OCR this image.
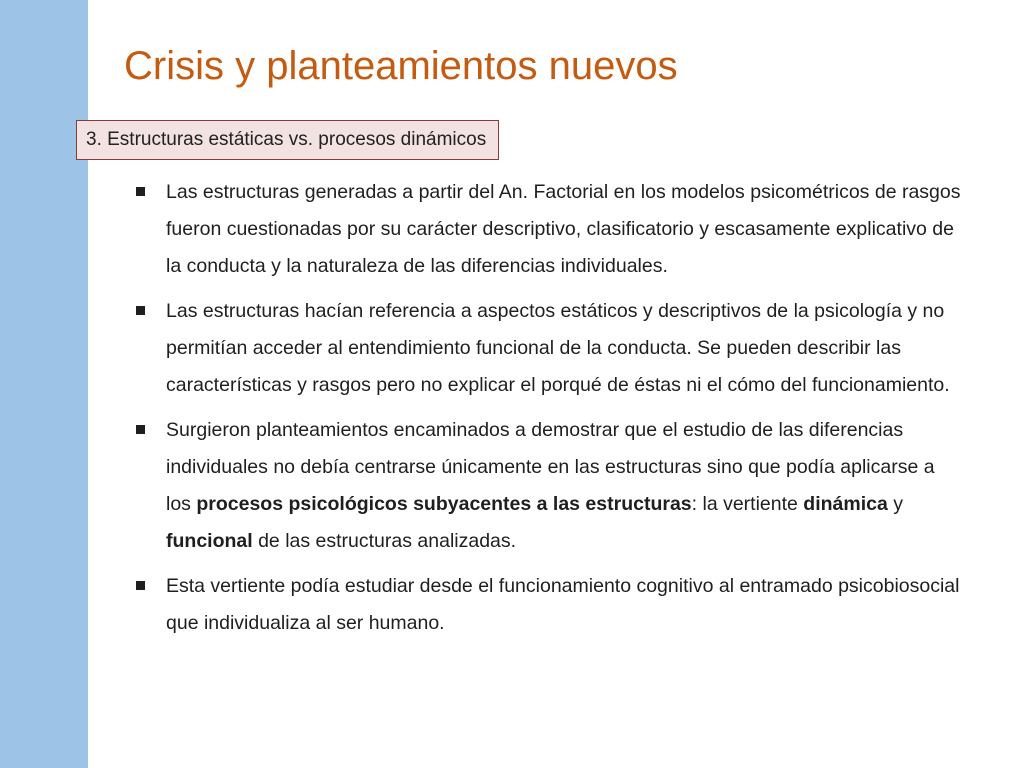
Crisis y planteamientos nuevos
3. Estructuras estáticas vs. procesos dinámicos
Las estructuras generadas a partir del An. Factorial en los modelos psicométricos de rasgos fueron cuestionadas por su carácter descriptivo, clasificatorio y escasamente explicativo de la conducta y la naturaleza de las diferencias individuales.
Las estructuras hacían referencia a aspectos estáticos y descriptivos de la psicología y no permitían acceder al entendimiento funcional de la conducta. Se pueden describir las características y rasgos pero no explicar el porqué de éstas ni el cómo del funcionamiento.
Surgieron planteamientos encaminados a demostrar que el estudio de las diferencias individuales no debía centrarse únicamente en las estructuras sino que podía aplicarse a los procesos psicológicos subyacentes a las estructuras: la vertiente dinámica y funcional de las estructuras analizadas.
Esta vertiente podía estudiar desde el funcionamiento cognitivo al entramado psicobiosocial que individualiza al ser humano.
